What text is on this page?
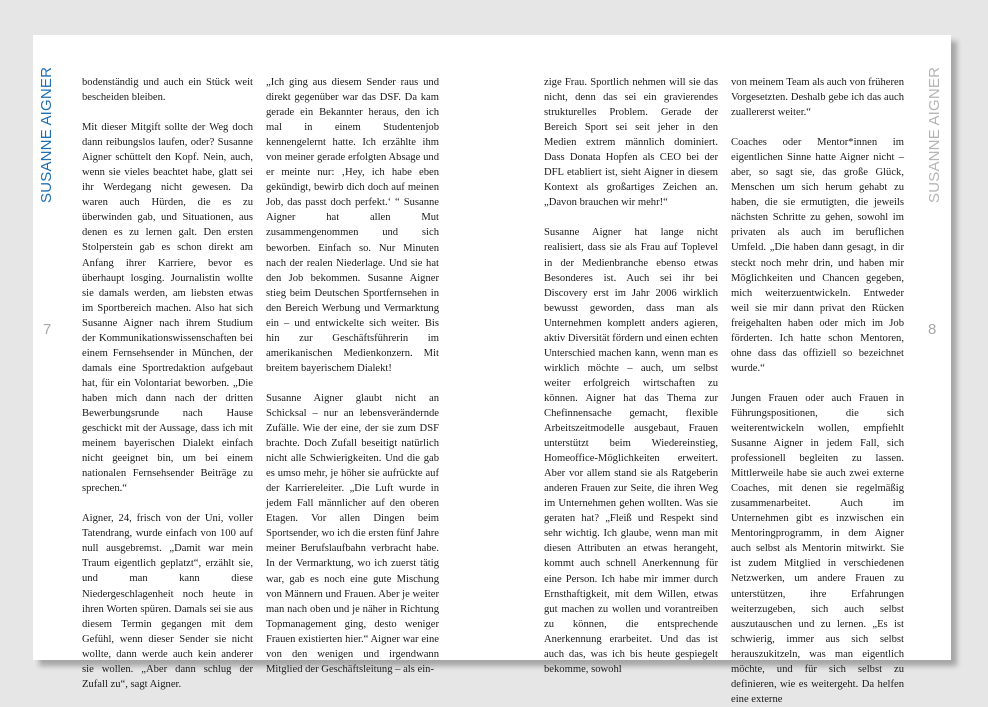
SUSANNE AIGNER
7

bodenständig und auch ein Stück weit bescheiden bleiben.

Mit dieser Mitgift sollte der Weg doch dann reibungslos laufen, oder? Susanne Aigner schüttelt den Kopf. Nein, auch, wenn sie vieles beachtet habe, glatt sei ihr Werdegang nicht gewesen. Da waren auch Hürden, die es zu überwinden gab, und Situationen, aus denen es zu lernen galt. Den ersten Stolperstein gab es schon direkt am Anfang ihrer Karriere, bevor es überhaupt losging. Journalistin wollte sie damals werden, am liebsten etwas im Sportbereich machen. Also hat sich Susanne Aigner nach ihrem Studium der Kommunikationswissenschaften bei einem Fernsehsender in München, der damals eine Sportredaktion aufgebaut hat, für ein Volontariat beworben. „Die haben mich dann nach der dritten Bewerbungsrunde nach Hause geschickt mit der Aussage, dass ich mit meinem bayerischen Dialekt einfach nicht geeignet bin, um bei einem nationalen Fernsehsender Beiträge zu sprechen.“

Aigner, 24, frisch von der Uni, voller Tatendrang, wurde einfach von 100 auf null ausgebremst. „Damit war mein Traum eigentlich geplatzt“, erzählt sie, und man kann diese Niedergeschlagenheit noch heute in ihren Worten spüren. Damals sei sie aus diesem Termin gegangen mit dem Gefühl, wenn dieser Sender sie nicht wollte, dann werde auch kein anderer sie wollen. „Aber dann schlug der Zufall zu“, sagt Aigner.

„Ich ging aus diesem Sender raus und direkt gegenüber war das DSF. Da kam gerade ein Bekannter heraus, den ich mal in einem Studentenjob kennengelernt hatte. Ich erzählte ihm von meiner gerade erfolgten Absage und er meinte nur: ‚Hey, ich habe eben gekündigt, bewirb dich doch auf meinen Job, das passt doch perfekt.‘ “ Susanne Aigner hat allen Mut zusammengenommen und sich beworben. Einfach so. Nur Minuten nach der realen Niederlage. Und sie hat den Job bekommen. Susanne Aigner stieg beim Deutschen Sportfernsehen in den Bereich Werbung und Vermarktung ein – und entwickelte sich weiter. Bis hin zur Geschäftsführerin im amerikanischen Medienkonzern. Mit breitem bayerischem Dialekt!

Susanne Aigner glaubt nicht an Schicksal – nur an lebensverändernde Zufälle. Wie der eine, der sie zum DSF brachte. Doch Zufall beseitigt natürlich nicht alle Schwierigkeiten. Und die gab es umso mehr, je höher sie aufrückte auf der Karriereleiter. „Die Luft wurde in jedem Fall männlicher auf den oberen Etagen. Vor allen Dingen beim Sportsender, wo ich die ersten fünf Jahre meiner Berufslaufbahn verbracht habe. In der Vermarktung, wo ich zuerst tätig war, gab es noch eine gute Mischung von Männern und Frauen. Aber je weiter man nach oben und je näher in Richtung Topmanagement ging, desto weniger Frauen existierten hier.“ Aigner war eine von den wenigen und irgendwann Mitglied der Geschäftsleitung – als ein-

zige Frau. Sportlich nehmen will sie das nicht, denn das sei ein gravierendes strukturelles Problem. Gerade der Bereich Sport sei seit jeher in den Medien extrem männlich dominiert. Dass Donata Hopfen als CEO bei der DFL etabliert ist, sieht Aigner in diesem Kontext als großartiges Zeichen an. „Davon brauchen wir mehr!“

Susanne Aigner hat lange nicht realisiert, dass sie als Frau auf Toplevel in der Medienbranche ebenso etwas Besonderes ist. Auch sei ihr bei Discovery erst im Jahr 2006 wirklich bewusst geworden, dass man als Unternehmen komplett anders agieren, aktiv Diversität fördern und einen echten Unterschied machen kann, wenn man es wirklich möchte – auch, um selbst weiter erfolgreich wirtschaften zu können. Aigner hat das Thema zur Chefinnensache gemacht, flexible Arbeitszeitmodelle ausgebaut, Frauen unterstützt beim Wiedereinstieg, Homeoffice-Möglichkeiten erweitert. Aber vor allem stand sie als Ratgeberin anderen Frauen zur Seite, die ihren Weg im Unternehmen gehen wollten. Was sie geraten hat? „Fleiß und Respekt sind sehr wichtig. Ich glaube, wenn man mit diesen Attributen an etwas herangeht, kommt auch schnell Anerkennung für eine Person. Ich habe mir immer durch Ernsthaftigkeit, mit dem Willen, etwas gut machen zu wollen und vorantreiben zu können, die entsprechende Anerkennung erarbeitet. Und das ist auch das, was ich bis heute gespiegelt bekomme, sowohl

von meinem Team als auch von früheren Vorgesetzten. Deshalb gebe ich das auch zuallererst weiter.“

Coaches oder Mentor*innen im eigentlichen Sinne hatte Aigner nicht – aber, so sagt sie, das große Glück, Menschen um sich herum gehabt zu haben, die sie ermutigten, die jeweils nächsten Schritte zu gehen, sowohl im privaten als auch im beruflichen Umfeld. „Die haben dann gesagt, in dir steckt noch mehr drin, und haben mir Möglichkeiten und Chancen gegeben, mich weiterzuentwickeln. Entweder weil sie mir dann privat den Rücken freigehalten haben oder mich im Job förderten. Ich hatte schon Mentoren, ohne dass das offiziell so bezeichnet wurde.“

Jungen Frauen oder auch Frauen in Führungspositionen, die sich weiterentwickeln wollen, empfiehlt Susanne Aigner in jedem Fall, sich professionell begleiten zu lassen. Mittlerweile habe sie auch zwei externe Coaches, mit denen sie regelmäßig zusammenarbeitet. Auch im Unternehmen gibt es inzwischen ein Mentoringprogramm, in dem Aigner auch selbst als Mentorin mitwirkt. Sie ist zudem Mitglied in verschiedenen Netzwerken, um andere Frauen zu unterstützen, ihre Erfahrungen weiterzugeben, sich auch selbst auszutauschen und zu lernen. „Es ist schwierig, immer aus sich selbst herauszukitzeln, was man eigentlich möchte, und für sich selbst zu definieren, wie es weitergeht. Da helfen eine externe

SUSANNE AIGNER
8
